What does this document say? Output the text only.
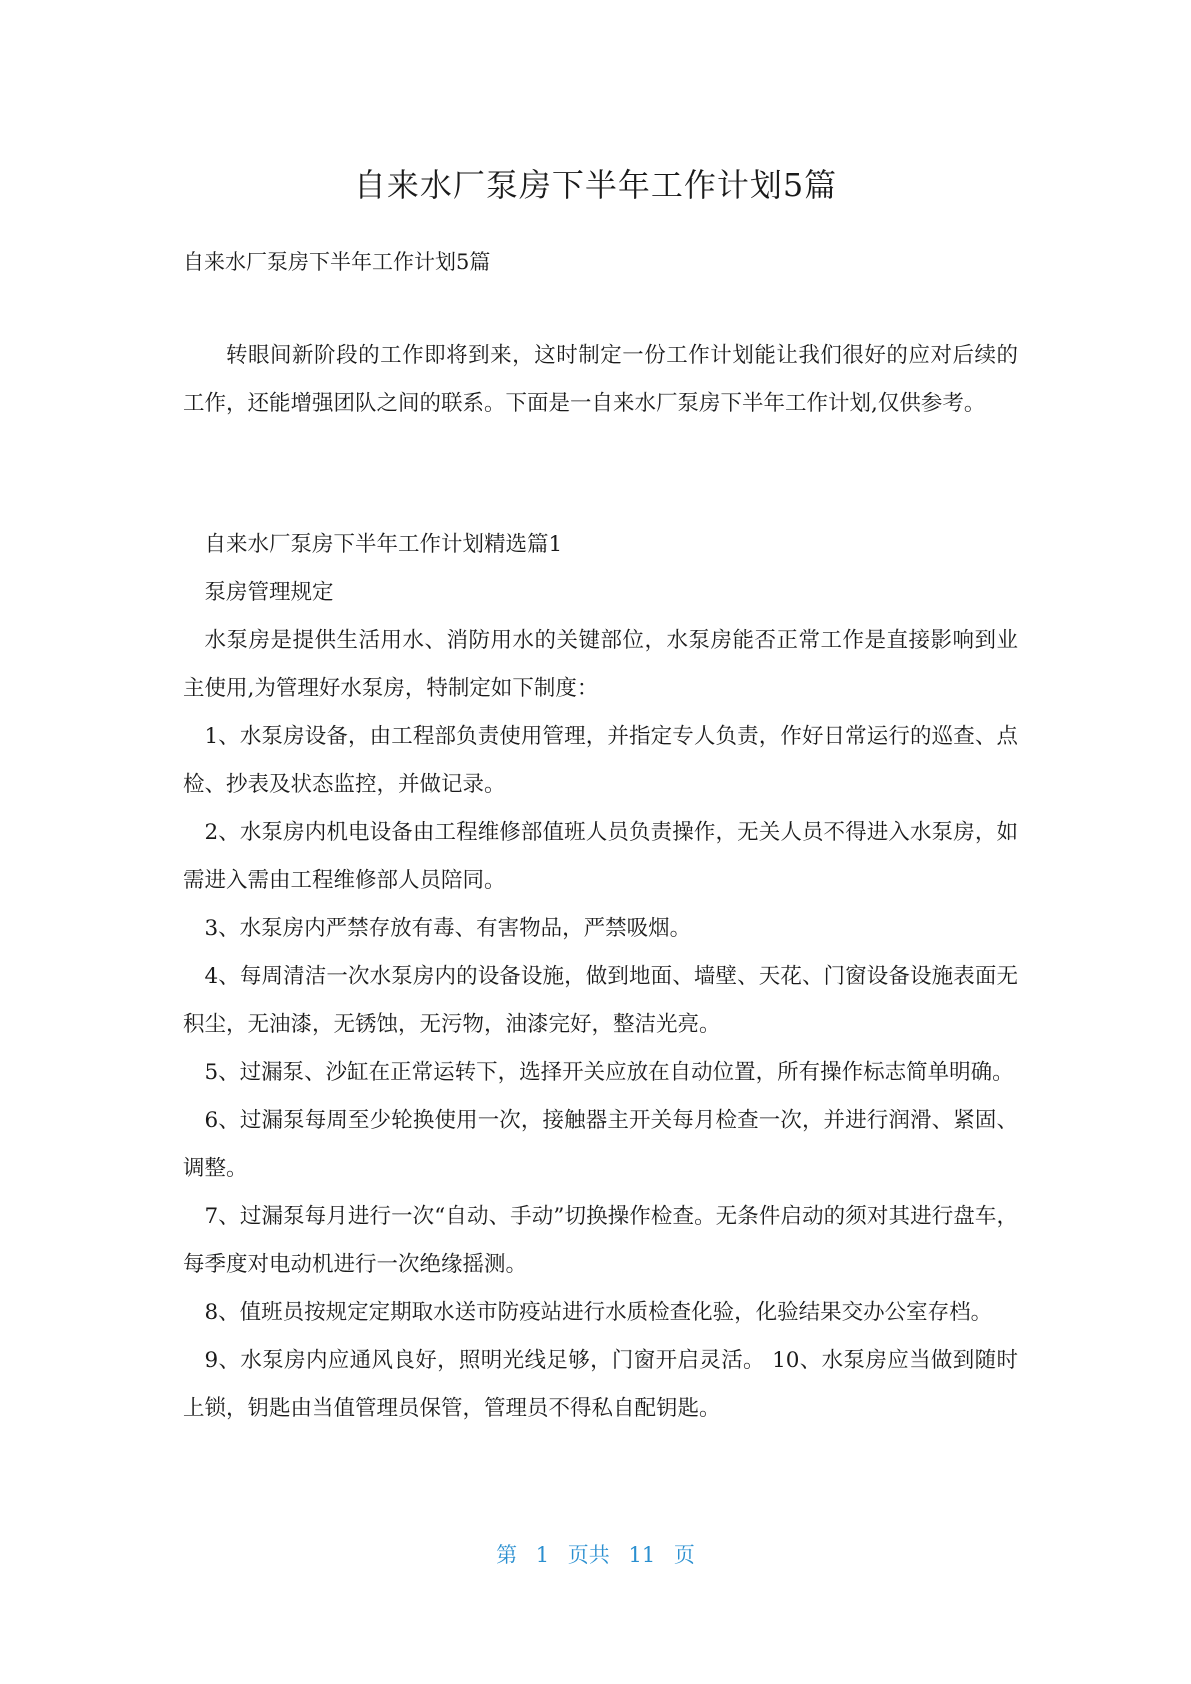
自来水厂泵房下半年工作计划5篇
自来水厂泵房下半年工作计划5篇

转眼间新阶段的工作即将到来，这时制定一份工作计划能让我们很好的应对后续的工作，还能增强团队之间的联系。下面是一自来水厂泵房下半年工作计划,仅供参考。

自来水厂泵房下半年工作计划精选篇1

泵房管理规定

水泵房是提供生活用水、消防用水的关键部位，水泵房能否正常工作是直接影响到业主使用,为管理好水泵房，特制定如下制度：

1、水泵房设备，由工程部负责使用管理，并指定专人负责，作好日常运行的巡查、点检、抄表及状态监控，并做记录。

2、水泵房内机电设备由工程维修部值班人员负责操作，无关人员不得进入水泵房，如需进入需由工程维修部人员陪同。

3、水泵房内严禁存放有毒、有害物品，严禁吸烟。

4、每周清洁一次水泵房内的设备设施，做到地面、墙壁、天花、门窗设备设施表面无积尘，无油漆，无锈蚀，无污物，油漆完好，整洁光亮。

5、过漏泵、沙缸在正常运转下，选择开关应放在自动位置，所有操作标志简单明确。

6、过漏泵每周至少轮换使用一次，接触器主开关每月检查一次，并进行润滑、紧固、调整。

7、过漏泵每月进行一次“自动、手动”切换操作检查。无条件启动的须对其进行盘车，每季度对电动机进行一次绝缘摇测。

8、值班员按规定定期取水送市防疫站进行水质检查化验，化验结果交办公室存档。

9、水泵房内应通风良好，照明光线足够，门窗开启灵活。 10、水泵房应当做到随时上锁，钥匙由当值管理员保管，管理员不得私自配钥匙。

第 1 页共 11 页
